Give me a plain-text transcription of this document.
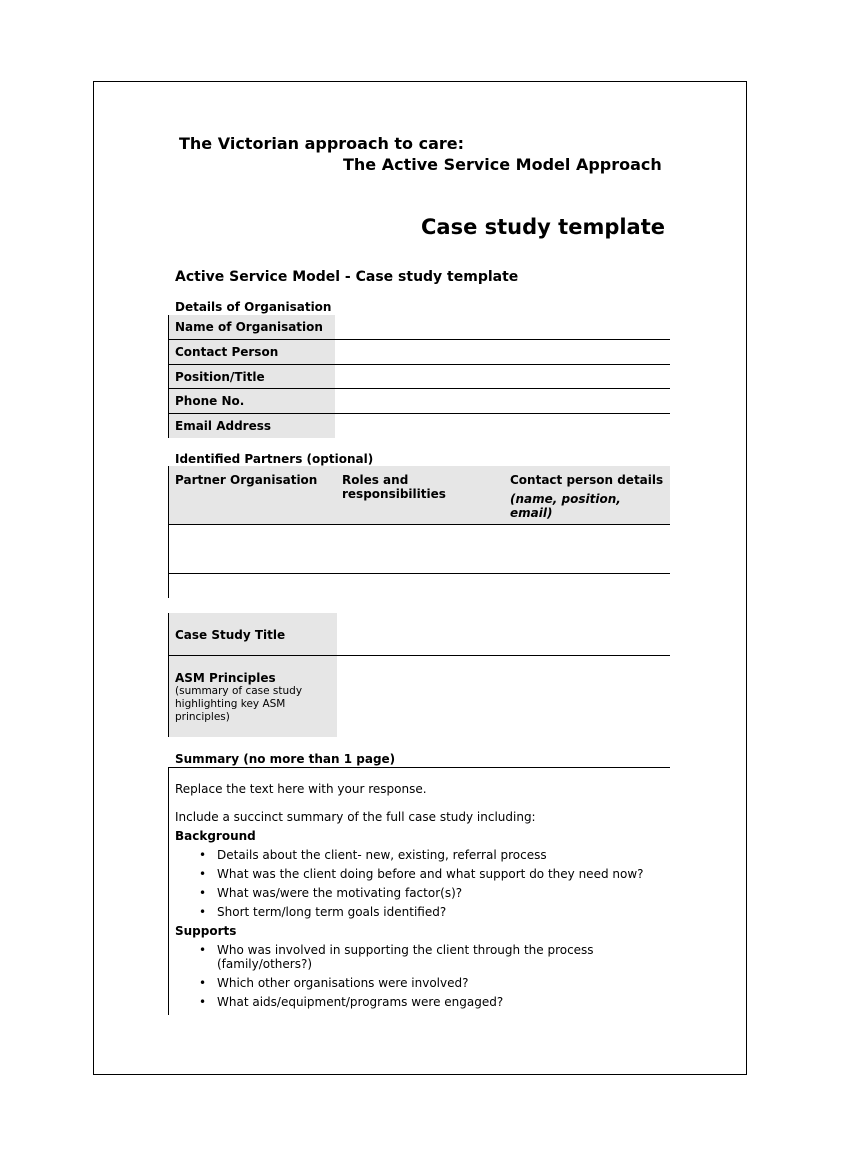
The Victorian approach to care:
The Active Service Model Approach
Case study template
Active Service Model - Case study template
Details of Organisation
Name of Organisation
Contact Person
Position/Title
Phone No.
Email Address
Identified Partners (optional)
Partner Organisation	Roles and responsibilities
Contact person details
(name, position, email)
Case Study Title
ASM Principles
(summary of case study highlighting key ASM principles)
Summary (no more than 1 page)
Replace the text here with your response.
Include a succinct summary of the full case study including:
Background
• Details about the client- new, existing, referral process
• What was the client doing before and what support do they need now?
• What was/were the motivating factor(s)?
• Short term/long term goals identified?
Supports
• Who was involved in supporting the client through the process (family/others?)
• Which other organisations were involved?
• What aids/equipment/programs were engaged?
